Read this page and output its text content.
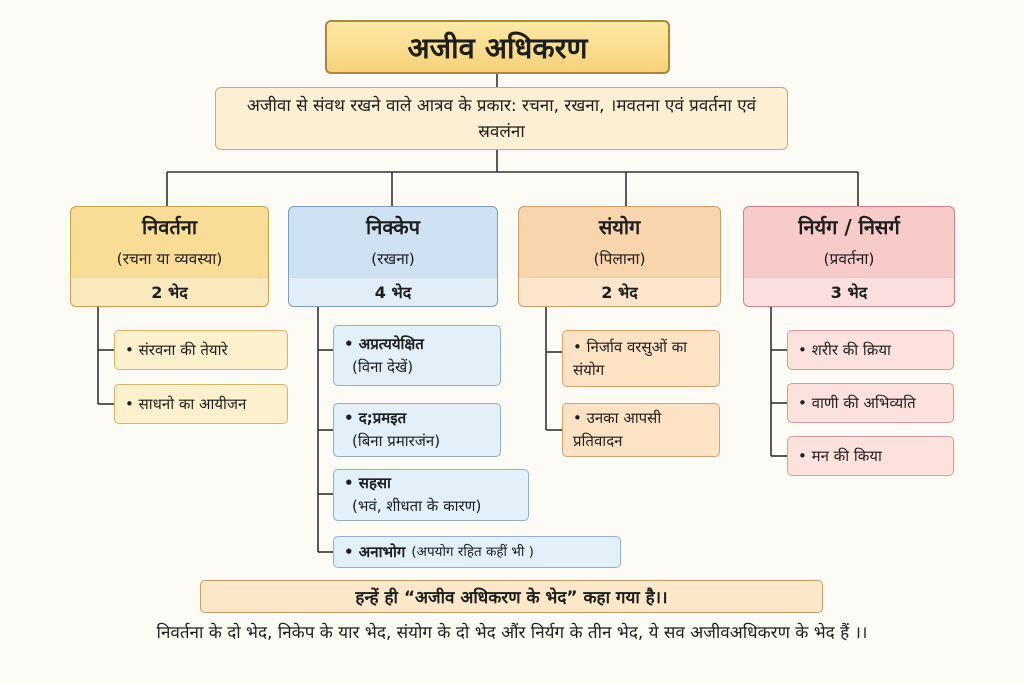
अजीव अधिकरण
अजीवा से संवथ रखने वाले आत्रव के प्रकार: रचना, रखना, ।मवतना एवं प्रवर्तना एवं स्रवलंना
निवर्तना
(रचना या व्यवस्या)
2 भेद
निक्केप
(रखना)
4 भेद
संयोग
(पिलाना)
2 भेद
निर्यग / निसर्ग
(प्रवर्तना)
3 भेद
• संरवना की तेयारे
• साधनो का आयीजन
• अप्रत्ययेक्षित
(विना देखें)
• द;प्रमइत
(बिना प्रमारजंन)
• सहसा
(भवं, शीधता के कारण)
• अनाभोग (अपयोग रहित कहीं भी )
• निर्जाव वरसुओं का संयोग
• उनका आपसी प्रतिवादन
• शरीर की क्रिया
• वाणी की अभिव्यति
• मन की किया
हन्हें ही “अजीव अधिकरण के भेद” कहा गया है।।
निवर्तना के दो भेद, निकेप के यार भेद, संयोग के दो भेद औंर निर्यग के तीन भेद, ये सव अजीवअधिकरण के भेद हैं ।।
